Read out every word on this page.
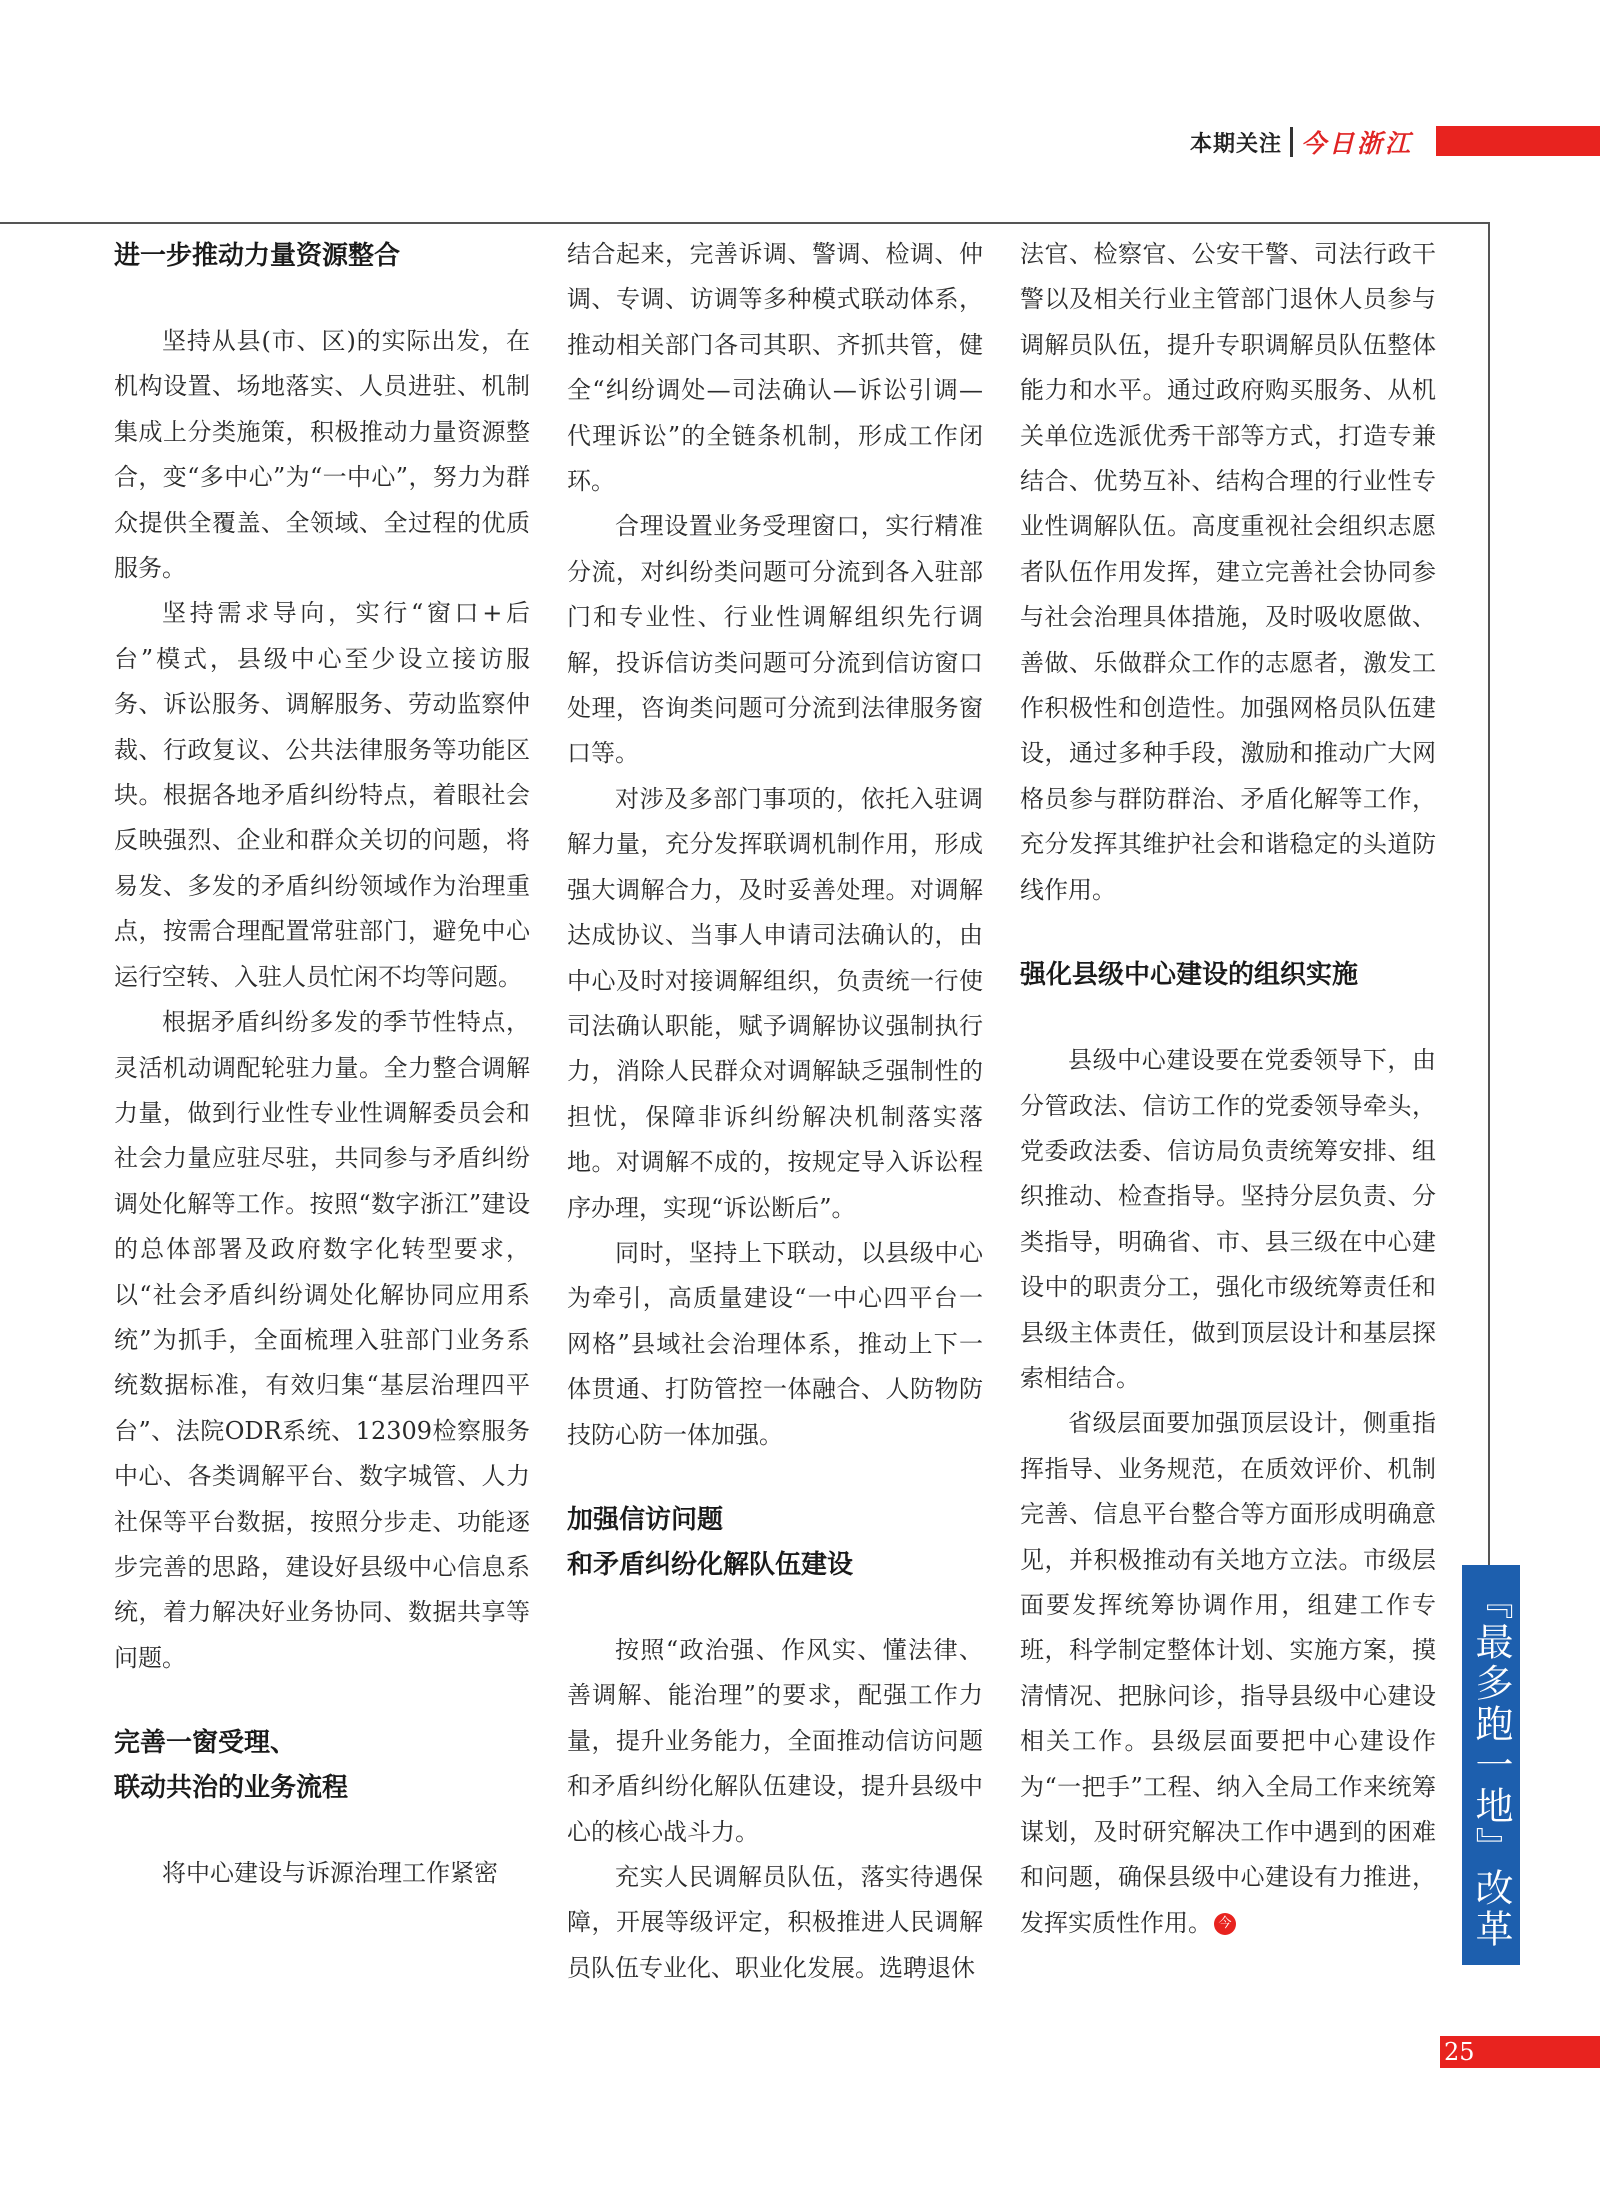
本期关注 今日浙江
进一步推动力量资源整合

坚持从县(市、区)的实际出发，在机构设置、场地落实、人员进驻、机制集成上分类施策，积极推动力量资源整合，变“多中心”为“一中心”，努力为群众提供全覆盖、全领域、全过程的优质服务。

坚持需求导向，实行“窗口+后台”模式，县级中心至少设立接访服务、诉讼服务、调解服务、劳动监察仲裁、行政复议、公共法律服务等功能区块。根据各地矛盾纠纷特点，着眼社会反映强烈、企业和群众关切的问题，将易发、多发的矛盾纠纷领域作为治理重点，按需合理配置常驻部门，避免中心运行空转、入驻人员忙闲不均等问题。

根据矛盾纠纷多发的季节性特点，灵活机动调配轮驻力量。全力整合调解力量，做到行业性专业性调解委员会和社会力量应驻尽驻，共同参与矛盾纠纷调处化解等工作。按照“数字浙江”建设的总体部署及政府数字化转型要求，以“社会矛盾纠纷调处化解协同应用系统”为抓手，全面梳理入驻部门业务系统数据标准，有效归集“基层治理四平台”、法院ODR系统、12309检察服务中心、各类调解平台、数字城管、人力社保等平台数据，按照分步走、功能逐步完善的思路，建设好县级中心信息系统，着力解决好业务协同、数据共享等问题。

完善一窗受理、
联动共治的业务流程

将中心建设与诉源治理工作紧密

结合起来，完善诉调、警调、检调、仲调、专调、访调等多种模式联动体系，推动相关部门各司其职、齐抓共管，健全“纠纷调处—司法确认—诉讼引调—代理诉讼”的全链条机制，形成工作闭环。

合理设置业务受理窗口，实行精准分流，对纠纷类问题可分流到各入驻部门和专业性、行业性调解组织先行调解，投诉信访类问题可分流到信访窗口处理，咨询类问题可分流到法律服务窗口等。

对涉及多部门事项的，依托入驻调解力量，充分发挥联调机制作用，形成强大调解合力，及时妥善处理。对调解达成协议、当事人申请司法确认的，由中心及时对接调解组织，负责统一行使司法确认职能，赋予调解协议强制执行力，消除人民群众对调解缺乏强制性的担忧，保障非诉纠纷解决机制落实落地。对调解不成的，按规定导入诉讼程序办理，实现“诉讼断后”。

同时，坚持上下联动，以县级中心为牵引，高质量建设“一中心四平台一网格”县域社会治理体系，推动上下一体贯通、打防管控一体融合、人防物防技防心防一体加强。

加强信访问题
和矛盾纠纷化解队伍建设

按照“政治强、作风实、懂法律、善调解、能治理”的要求，配强工作力量，提升业务能力，全面推动信访问题和矛盾纠纷化解队伍建设，提升县级中心的核心战斗力。

充实人民调解员队伍，落实待遇保障，开展等级评定，积极推进人民调解员队伍专业化、职业化发展。选聘退休

法官、检察官、公安干警、司法行政干警以及相关行业主管部门退休人员参与调解员队伍，提升专职调解员队伍整体能力和水平。通过政府购买服务、从机关单位选派优秀干部等方式，打造专兼结合、优势互补、结构合理的行业性专业性调解队伍。高度重视社会组织志愿者队伍作用发挥，建立完善社会协同参与社会治理具体措施，及时吸收愿做、善做、乐做群众工作的志愿者，激发工作积极性和创造性。加强网格员队伍建设，通过多种手段，激励和推动广大网格员参与群防群治、矛盾化解等工作，充分发挥其维护社会和谐稳定的头道防线作用。

强化县级中心建设的组织实施

县级中心建设要在党委领导下，由分管政法、信访工作的党委领导牵头，党委政法委、信访局负责统筹安排、组织推动、检查指导。坚持分层负责、分类指导，明确省、市、县三级在中心建设中的职责分工，强化市级统筹责任和县级主体责任，做到顶层设计和基层探索相结合。

省级层面要加强顶层设计，侧重指挥指导、业务规范，在质效评价、机制完善、信息平台整合等方面形成明确意见，并积极推动有关地方立法。市级层面要发挥统筹协调作用，组建工作专班，科学制定整体计划、实施方案，摸清情况、把脉问诊，指导县级中心建设相关工作。县级层面要把中心建设作为“一把手”工程、纳入全局工作来统筹谋划，及时研究解决工作中遇到的困难和问题，确保县级中心建设有力推进，发挥实质性作用。 今	『最多跑一地』改革
25
